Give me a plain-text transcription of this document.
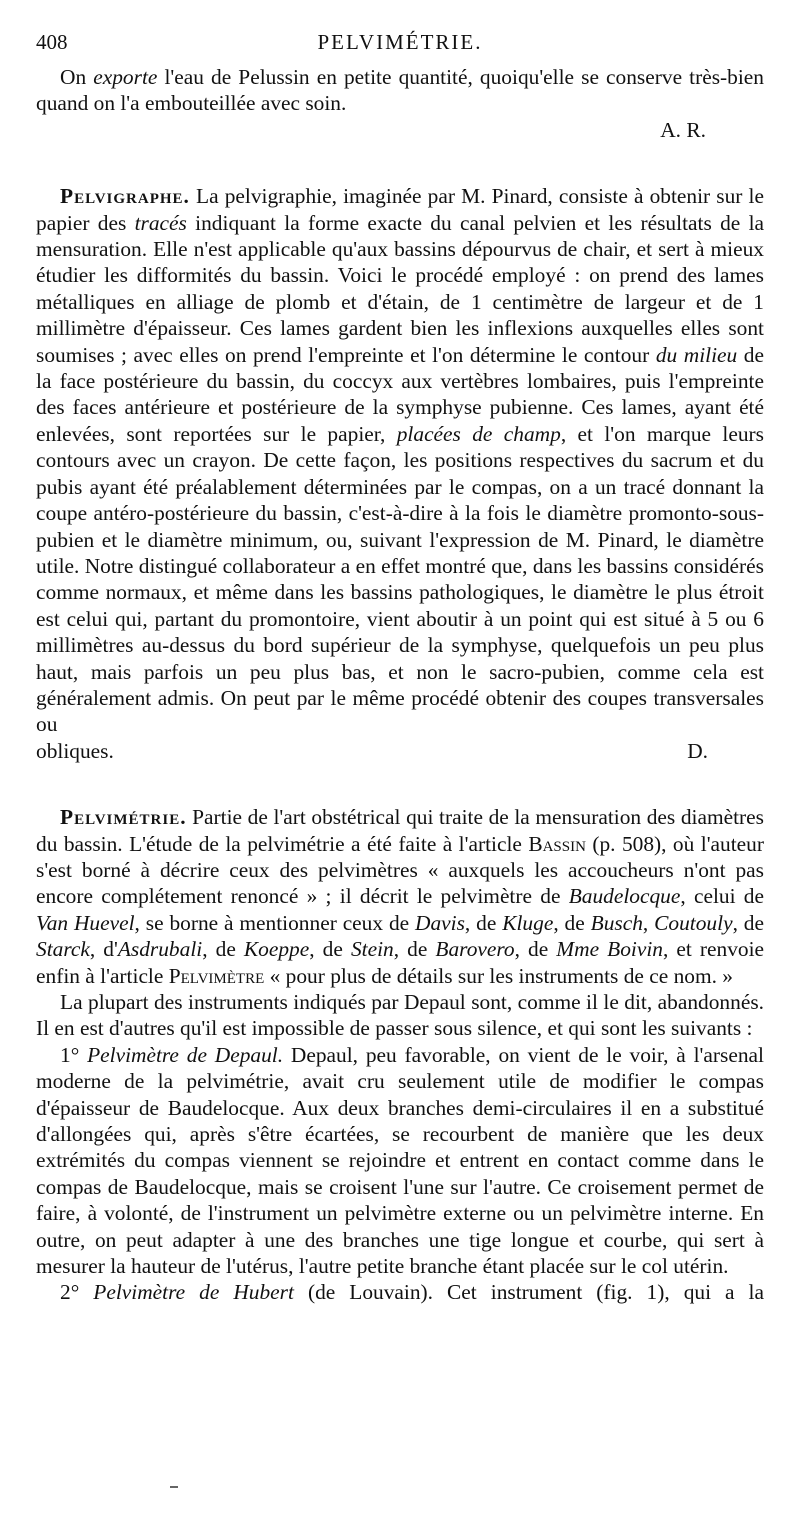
408	PELVIMÉTRIE.

On exporte l'eau de Pelussin en petite quantité, quoiqu'elle se conserve très-bien quand on l'a embouteillée avec soin.

A. R.

Pelvigraphe. La pelvigraphie, imaginée par M. Pinard, consiste à obtenir sur le papier des tracés indiquant la forme exacte du canal pelvien et les résultats de la mensuration. Elle n'est applicable qu'aux bassins dépourvus de chair, et sert à mieux étudier les difformités du bassin. Voici le procédé employé : on prend des lames métalliques en alliage de plomb et d'étain, de 1 centimètre de largeur et de 1 millimètre d'épaisseur. Ces lames gardent bien les inflexions auxquelles elles sont soumises ; avec elles on prend l'empreinte et l'on détermine le contour du milieu de la face postérieure du bassin, du coccyx aux vertèbres lombaires, puis l'empreinte des faces antérieure et postérieure de la symphyse pubienne. Ces lames, ayant été enlevées, sont reportées sur le papier, placées de champ, et l'on marque leurs contours avec un crayon. De cette façon, les positions respectives du sacrum et du pubis ayant été préalablement déterminées par le compas, on a un tracé donnant la coupe antéro-postérieure du bassin, c'est-à-dire à la fois le diamètre promonto-sous-pubien et le diamètre minimum, ou, suivant l'expression de M. Pinard, le diamètre utile. Notre distingué collaborateur a en effet montré que, dans les bassins considérés comme normaux, et même dans les bassins pathologiques, le diamètre le plus étroit est celui qui, partant du promontoire, vient aboutir à un point qui est situé à 5 ou 6 millimètres au-dessus du bord supérieur de la symphyse, quelquefois un peu plus haut, mais parfois un peu plus bas, et non le sacro-pubien, comme cela est généralement admis. On peut par le même procédé obtenir des coupes transversales ou

obliques.	D.

Pelvimétrie. Partie de l'art obstétrical qui traite de la mensuration des diamètres du bassin. L'étude de la pelvimétrie a été faite à l'article Bassin (p. 508), où l'auteur s'est borné à décrire ceux des pelvimètres « auxquels les accoucheurs n'ont pas encore complétement renoncé » ; il décrit le pelvimètre de Baudelocque, celui de Van Huevel, se borne à mentionner ceux de Davis, de Kluge, de Busch, Coutouly, de Starck, d'Asdrubali, de Koeppe, de Stein, de Barovero, de Mme Boivin, et renvoie enfin à l'article Pelvimètre « pour plus de détails sur les instruments de ce nom. »

La plupart des instruments indiqués par Depaul sont, comme il le dit, abandonnés. Il en est d'autres qu'il est impossible de passer sous silence, et qui sont les suivants :

1° Pelvimètre de Depaul. Depaul, peu favorable, on vient de le voir, à l'arsenal moderne de la pelvimétrie, avait cru seulement utile de modifier le compas d'épaisseur de Baudelocque. Aux deux branches demi-circulaires il en a substitué d'allongées qui, après s'être écartées, se recourbent de manière que les deux extrémités du compas viennent se rejoindre et entrent en contact comme dans le compas de Baudelocque, mais se croisent l'une sur l'autre. Ce croisement permet de faire, à volonté, de l'instrument un pelvimètre externe ou un pelvimètre interne. En outre, on peut adapter à une des branches une tige longue et courbe, qui sert à mesurer la hauteur de l'utérus, l'autre petite branche étant placée sur le col utérin.

2° Pelvimètre de Hubert (de Louvain). Cet instrument (fig. 1), qui a la
